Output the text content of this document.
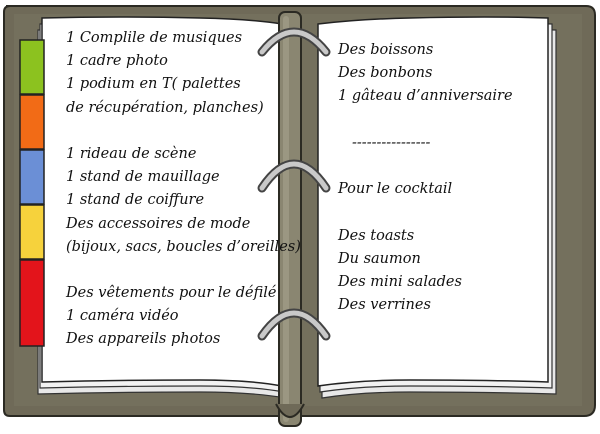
1 Complile de musiques
1 cadre photo
1 podium en T( palettes
de récupération, planches)
1 rideau de scène
1 stand de mauillage
1 stand de coiffure
Des accessoires de mode
(bijoux, sacs, boucles d’oreilles)
Des vêtements pour le défilé
1 caméra vidéo
Des appareils photos
Des boissons
Des bonbons
1 gâteau d’anniversaire
----------------
Pour le cocktail
Des toasts
Du saumon
Des mini salades
Des verrines
